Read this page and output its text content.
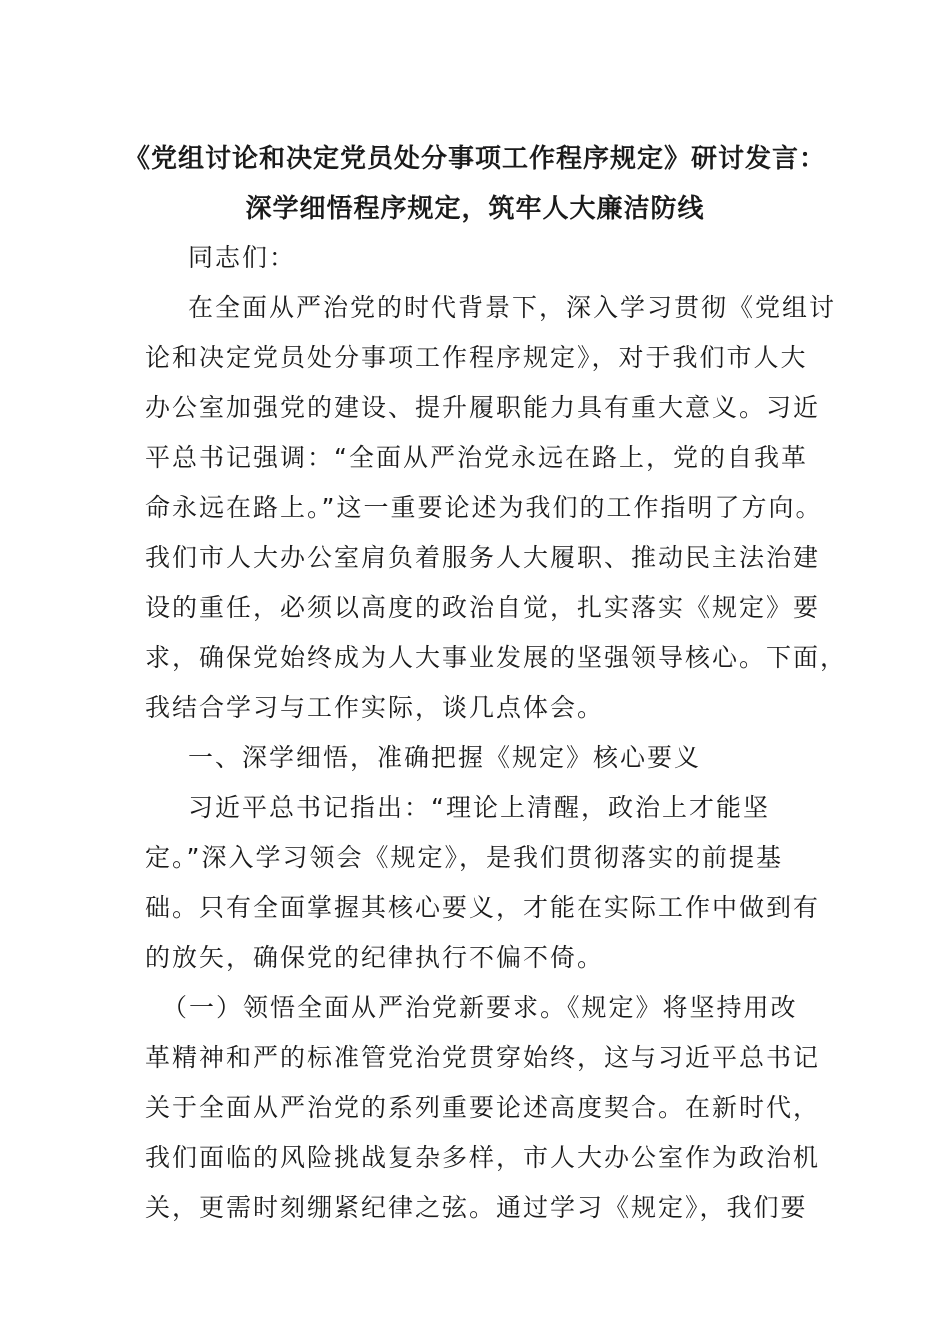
《党组讨论和决定党员处分事项工作程序规定》研讨发言：
深学细悟程序规定，筑牢人大廉洁防线
同志们：
在全面从严治党的时代背景下，深入学习贯彻《党组讨
论和决定党员处分事项工作程序规定》，对于我们市人大
办公室加强党的建设、提升履职能力具有重大意义。习近
平总书记强调：“全面从严治党永远在路上，党的自我革
命永远在路上。”这一重要论述为我们的工作指明了方向。
我们市人大办公室肩负着服务人大履职、推动民主法治建
设的重任，必须以高度的政治自觉，扎实落实《规定》要
求，确保党始终成为人大事业发展的坚强领导核心。下面，
我结合学习与工作实际，谈几点体会。
一、深学细悟，准确把握《规定》核心要义
习近平总书记指出：“理论上清醒，政治上才能坚
定。”深入学习领会《规定》，是我们贯彻落实的前提基
础。只有全面掌握其核心要义，才能在实际工作中做到有
的放矢，确保党的纪律执行不偏不倚。
（一）领悟全面从严治党新要求。《规定》将坚持用改
革精神和严的标准管党治党贯穿始终，这与习近平总书记
关于全面从严治党的系列重要论述高度契合。在新时代，
我们面临的风险挑战复杂多样，市人大办公室作为政治机
关，更需时刻绷紧纪律之弦。通过学习《规定》，我们要
